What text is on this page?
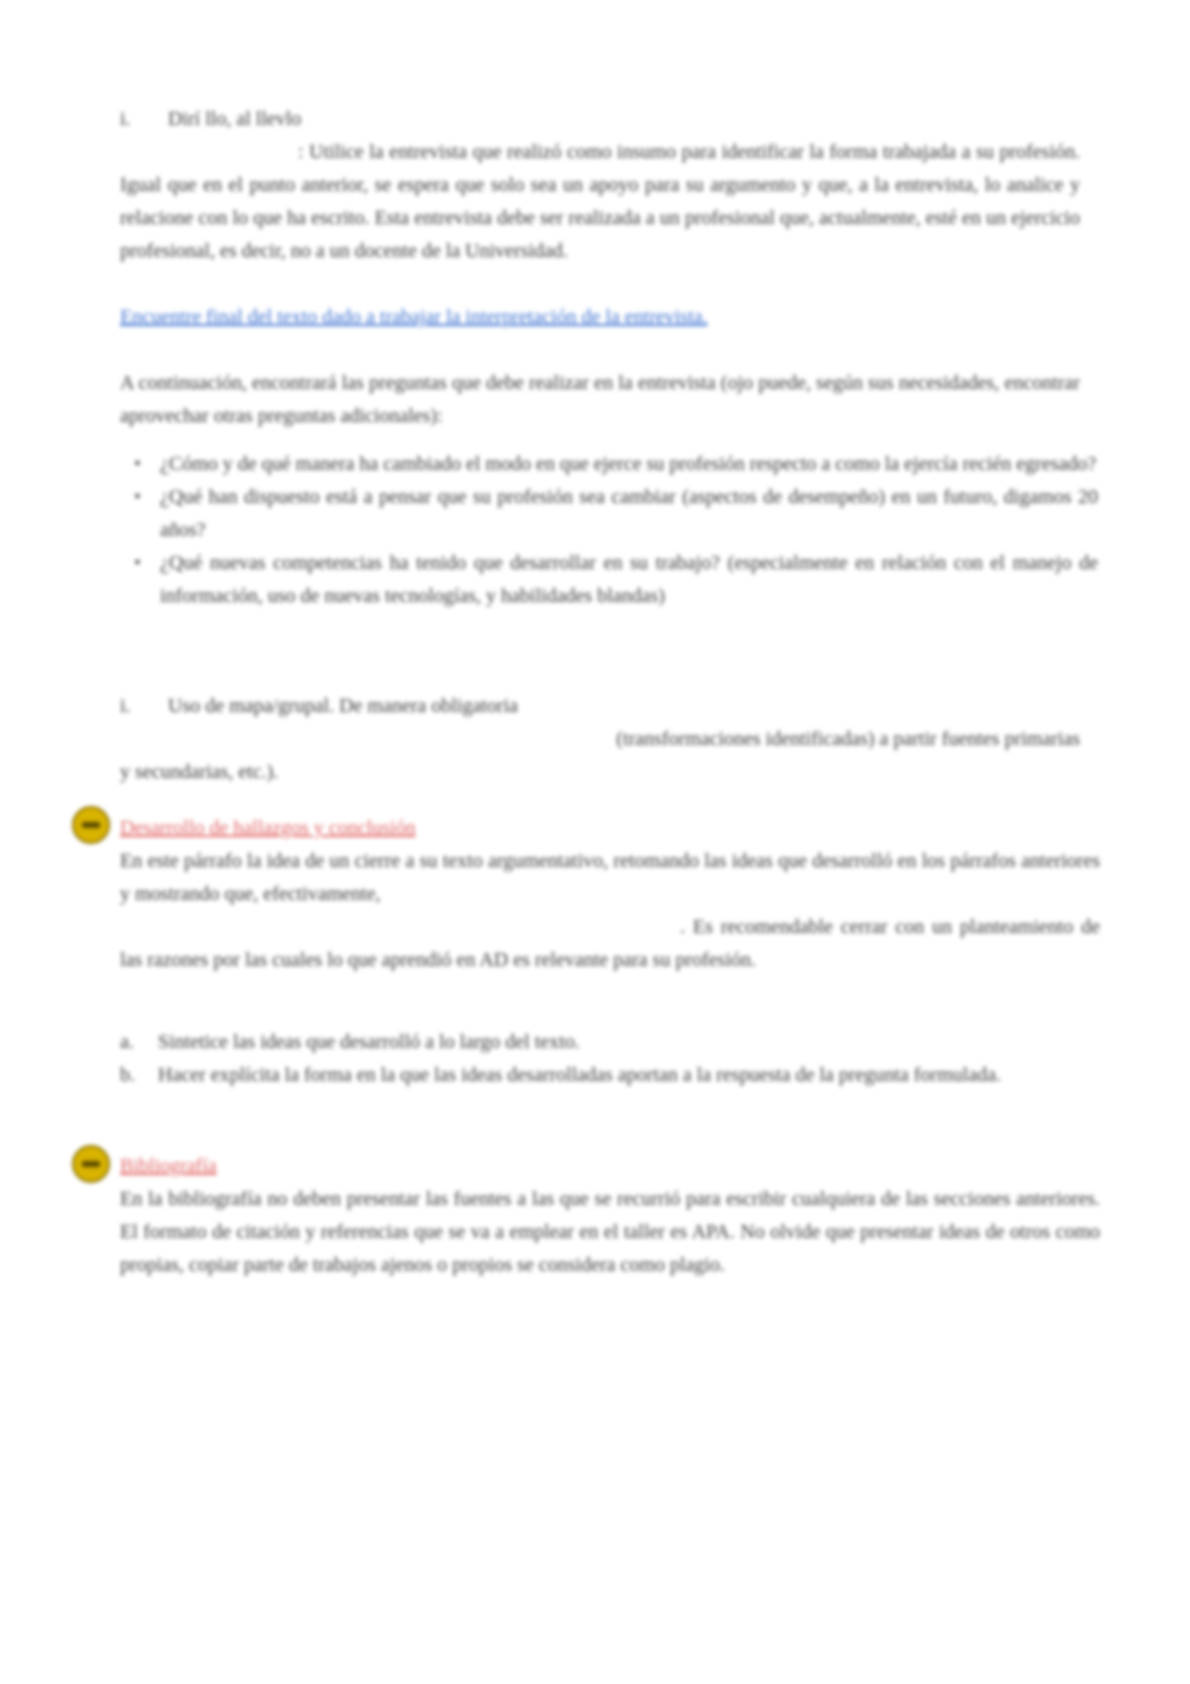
i. Dirí llo, al llevlo
: Utilice la entrevista que realizó como insumo para identificar la forma trabajada a su profesión. Igual que en el punto anterior, se espera que solo sea un apoyo para su argumento y que, a la entrevista, lo analice y relacione con lo que ha escrito. Esta entrevista debe ser realizada a un profesional que, actualmente, esté en un ejercicio profesional, es decir, no a un docente de la Universidad.
Encuentre final del texto dado a trabajar la interpretación de la entrevista.
A continuación, encontrará las preguntas que debe realizar en la entrevista (ojo puede, según sus necesidades, encontrar aprovechar otras preguntas adicionales):
• ¿Cómo y de qué manera ha cambiado el modo en que ejerce su profesión respecto a como la ejercía recién egresado?
• ¿Qué han dispuesto está a pensar que su profesión sea cambiar (aspectos de desempeño) en un futuro, digamos 20 años?
• ¿Qué nuevas competencias ha tenido que desarrollar en su trabajo? (especialmente en relación con el manejo de información, uso de nuevas tecnologías, y habilidades blandas)
i. Uso de mapa/grupal. De manera obligatoria
(transformaciones identificadas) a partir fuentes primarias
y secundarias, etc.).
Desarrollo de hallazgos y conclusión
En este párrafo la idea de un cierre a su texto argumentativo, retomando las ideas que desarrolló en los párrafos anteriores y mostrando que, efectivamente,
. Es recomendable cerrar con un planteamiento de las razones por las cuales lo que aprendió en AD es relevante para su profesión.
a. Sintetice las ideas que desarrolló a lo largo del texto.
b. Hacer explícita la forma en la que las ideas desarrolladas aportan a la respuesta de la pregunta formulada.
Bibliografía
En la bibliografía no deben presentar las fuentes a las que se recurrió para escribir cualquiera de las secciones anteriores. El formato de citación y referencias que se va a emplear en el taller es APA. No olvide que presentar ideas de otros como propias, copiar parte de trabajos ajenos o propios se considera como plagio.
